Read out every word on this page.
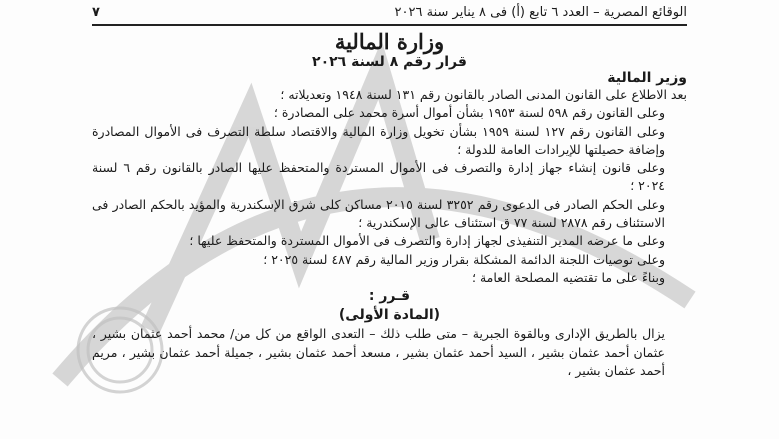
الوقائع المصرية – العدد ٦ تابع (أ) فى ٨ يناير سنة ٢٠٢٦
٧
وزارة المالية
قرار رقم ٨ لسنة ٢٠٢٦
وزير المالية

بعد الاطلاع على القانون المدنى الصادر بالقانون رقم ١٣١ لسنة ١٩٤٨ وتعديلاته ؛

وعلى القانون رقم ٥٩٨ لسنة ١٩٥٣ بشأن أموال أسرة محمد على المصادرة ؛

وعلى القانون رقم ١٢٧ لسنة ١٩٥٩ بشأن تخويل وزارة المالية والاقتصاد سلطة التصرف فى الأموال المصادرة وإضافة حصيلتها للإيرادات العامة للدولة ؛

وعلى قانون إنشاء جهاز إدارة والتصرف فى الأموال المستردة والمتحفظ عليها الصادر بالقانون رقم ٦ لسنة ٢٠٢٤ ؛

وعلى الحكم الصادر فى الدعوى رقم ٣٢٥٢ لسنة ٢٠١٥ مساكن كلى شرق الإسكندرية والمؤيد بالحكم الصادر فى الاستئناف رقم ٢٨٧٨ لسنة ٧٧ ق استئناف عالى الإسكندرية ؛

وعلى ما عرضه المدير التنفيذى لجهاز إدارة والتصرف فى الأموال المستردة والمتحفظ عليها ؛

وعلى توصيات اللجنة الدائمة المشكلة بقرار وزير المالية رقم ٤٨٧ لسنة ٢٠٢٥ ؛

وبناءً على ما تقتضيه المصلحة العامة ؛

قـرر :

(المادة الأولى)

يزال بالطريق الإدارى وبالقوة الجبرية – متى طلب ذلك – التعدى الواقع من كل من/ محمد أحمد عثمان بشير ، عثمان أحمد عثمان بشير ، السيد أحمد عثمان بشير ، مسعد أحمد عثمان بشير ، جميلة أحمد عثمان بشير ، مريم أحمد عثمان بشير ،
